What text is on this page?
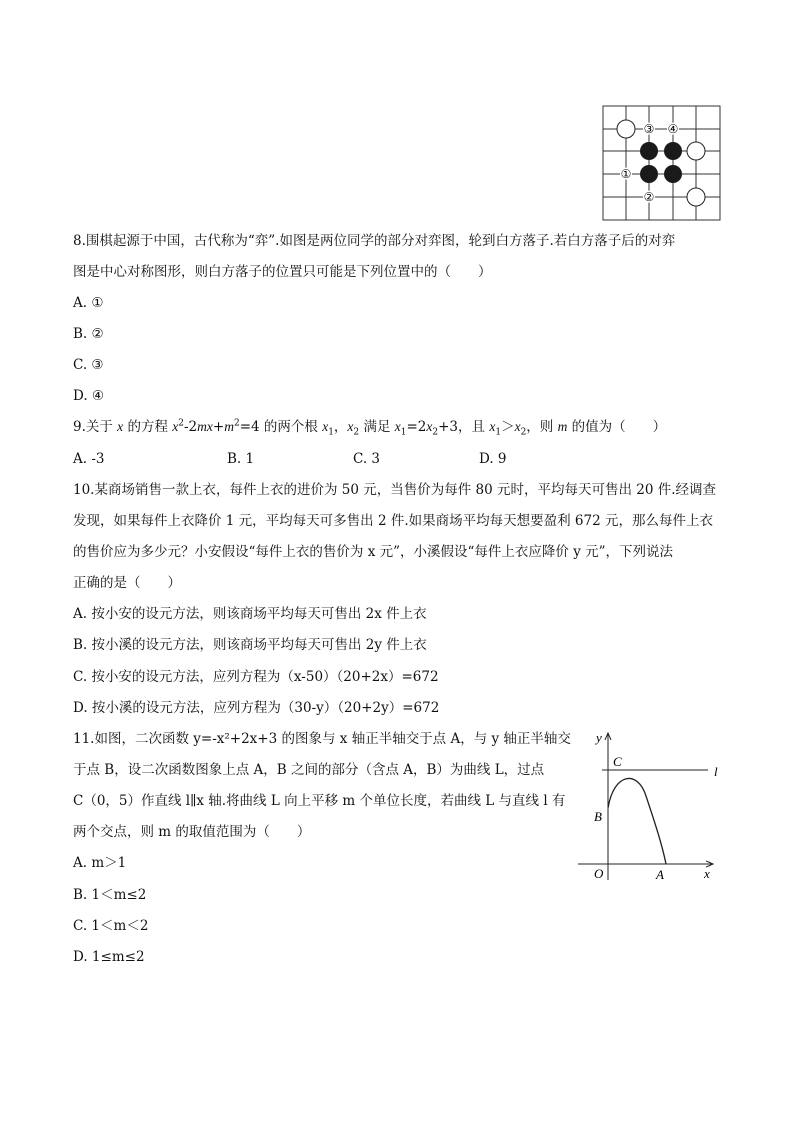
③ ④
①
②
8.围棋起源于中国，古代称为“弈”.如图是两位同学的部分对弈图，轮到白方落子.若白方落子后的对弈
图是中心对称图形，则白方落子的位置只可能是下列位置中的（　　）
A. ①
B. ②
C. ③
D. ④
9.关于 x 的方程 $x^2-2mx+m^2=4$ 的两个根 $x_1$，$x_2$ 满足 $x_1=2x_2+3$，且 $x_1>x_2$，则 m 的值为（　　）
A. -3	B. 1	C. 3	D. 9
10.某商场销售一款上衣，每件上衣的进价为 50 元，当售价为每件 80 元时，平均每天可售出 20 件.经调查
发现，如果每件上衣降价 1 元，平均每天可多售出 2 件.如果商场平均每天想要盈利 672 元，那么每件上衣
的售价应为多少元？小安假设“每件上衣的售价为 x 元”，小溪假设“每件上衣应降价 y 元”，下列说法
正确的是（　　）
A. 按小安的设元方法，则该商场平均每天可售出 2x 件上衣
B. 按小溪的设元方法，则该商场平均每天可售出 2y 件上衣
C. 按小安的设元方法，应列方程为（x-50）（20+2x）=672
D. 按小溪的设元方法，应列方程为（30-y）（20+2y）=672
11.如图，二次函数 y=-x²+2x+3 的图象与 x 轴正半轴交于点 A，与 y 轴正半轴交
于点 B，设二次函数图象上点 A，B 之间的部分（含点 A，B）为曲线 L，过点
C（0，5）作直线 l∥x 轴.将曲线 L 向上平移 m 个单位长度，若曲线 L 与直线 l 有
两个交点，则 m 的取值范围为（　　）
A. m＞1
B. 1＜m≤2
C. 1＜m＜2
D. 1≤m≤2
y
x
O	A
B
C
l
